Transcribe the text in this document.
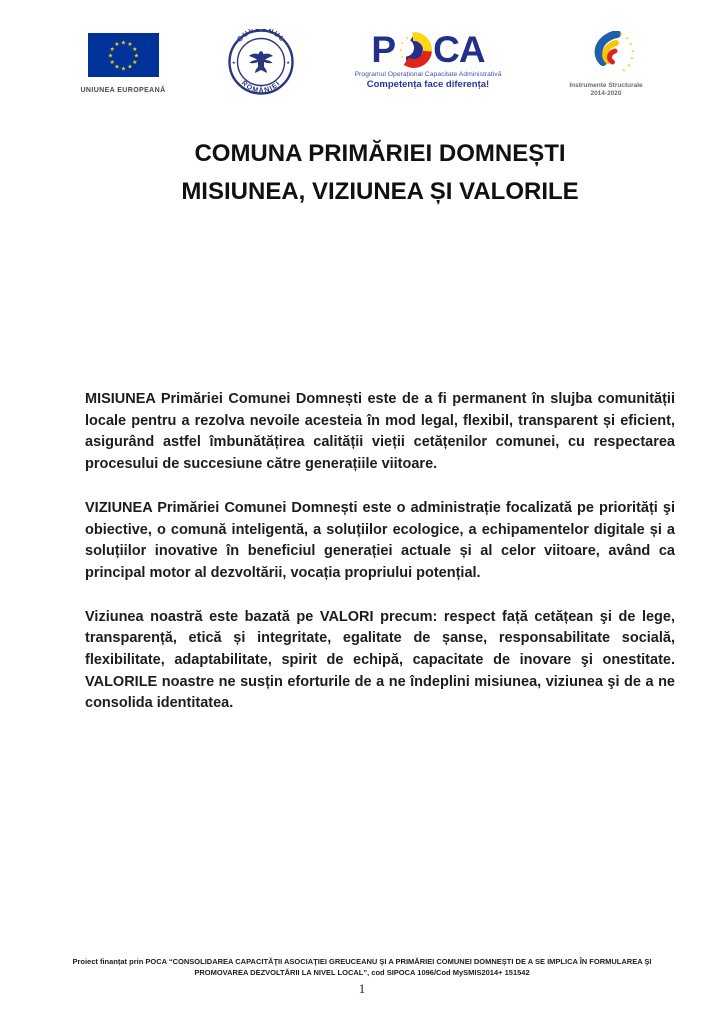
★ ★
★
★
★
★
★
★
★
★
★
★
UNIUNEA EUROPEANĂ
GUVERNUL
ROMÂNIEI
★	★ P CA
Programul Operațional Capacitate Administrativă
Competența face diferența!
✦
✦
✦
✦
✦
✦
✦
Instrumente Structurale
2014-2020
COMUNA PRIMĂRIEI DOMNEȘTI
MISIUNEA, VIZIUNEA ȘI VALORILE

MISIUNEA Primăriei Comunei Domnești este de a fi permanent în slujba comunității locale pentru a rezolva nevoile acesteia în mod legal, flexibil, transparent și eficient, asigurând astfel îmbunătățirea calității vieții cetățenilor comunei, cu respectarea procesului de succesiune către generațiile viitoare.

VIZIUNEA Primăriei Comunei Domnești este o administrație focalizată pe priorități şi obiective, o comună inteligentă, a soluțiilor ecologice, a echipamentelor digitale și a soluțiilor inovative în beneficiul generației actuale și al celor viitoare, având ca principal motor al dezvoltării, vocația propriului potențial.

Viziunea noastră este bazată pe VALORI precum: respect față cetățean şi de lege, transparență, etică și integritate, egalitate de șanse, responsabilitate socială, flexibilitate, adaptabilitate, spirit de echipă, capacitate de inovare şi onestitate. VALORILE noastre ne susțin eforturile de a ne îndeplini misiunea, viziunea şi de a ne consolida identitatea.

Proiect finanțat prin POCA “CONSOLIDAREA CAPACITĂŢII ASOCIAŢIEI GREUCEANU ŞI A PRIMĂRIEI COMUNEI DOMNEŞTI DE A SE IMPLICA ÎN FORMULAREA ŞI PROMOVAREA DEZVOLTĂRII LA NIVEL LOCAL”, cod SIPOCA 1096/Cod MySMIS2014+ 151542
1
